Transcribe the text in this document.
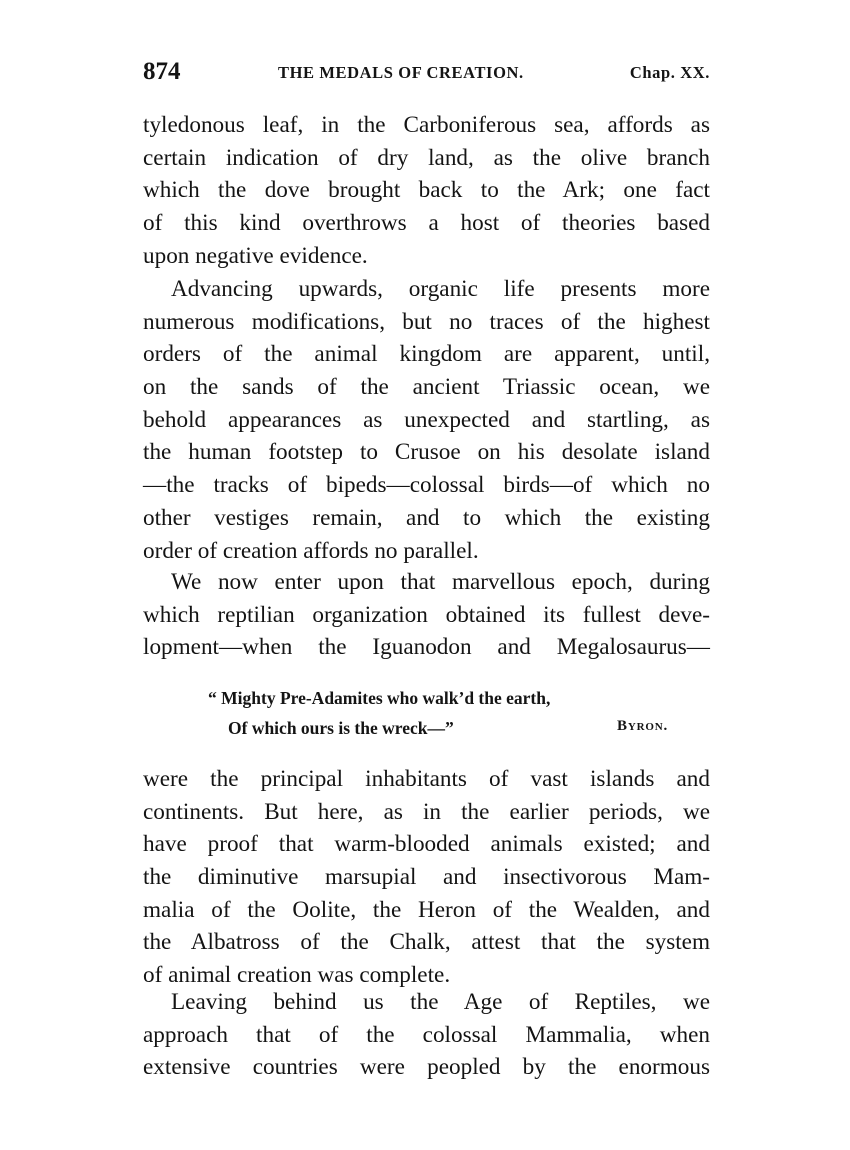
874	THE MEDALS OF CREATION.	Chap. XX.
tyledonous leaf, in the Carboniferous sea, affords as
certain indication of dry land, as the olive branch
which the dove brought back to the Ark; one fact
of this kind overthrows a host of theories based
upon negative evidence.
Advancing upwards, organic life presents more
numerous modifications, but no traces of the highest
orders of the animal kingdom are apparent, until,
on the sands of the ancient Triassic ocean, we
behold appearances as unexpected and startling, as
the human footstep to Crusoe on his desolate island
—the tracks of bipeds—colossal birds—of which no
other vestiges remain, and to which the existing
order of creation affords no parallel.
We now enter upon that marvellous epoch, during
which reptilian organization obtained its fullest deve-
lopment—when the Iguanodon and Megalosaurus—
“ Mighty Pre-Adamites who walk’d the earth,
Of which ours is the wreck—”	Byron.
were the principal inhabitants of vast islands and
continents. But here, as in the earlier periods, we
have proof that warm-blooded animals existed; and
the diminutive marsupial and insectivorous Mam-
malia of the Oolite, the Heron of the Wealden, and
the Albatross of the Chalk, attest that the system
of animal creation was complete.
Leaving behind us the Age of Reptiles, we
approach that of the colossal Mammalia, when
extensive countries were peopled by the enormous
